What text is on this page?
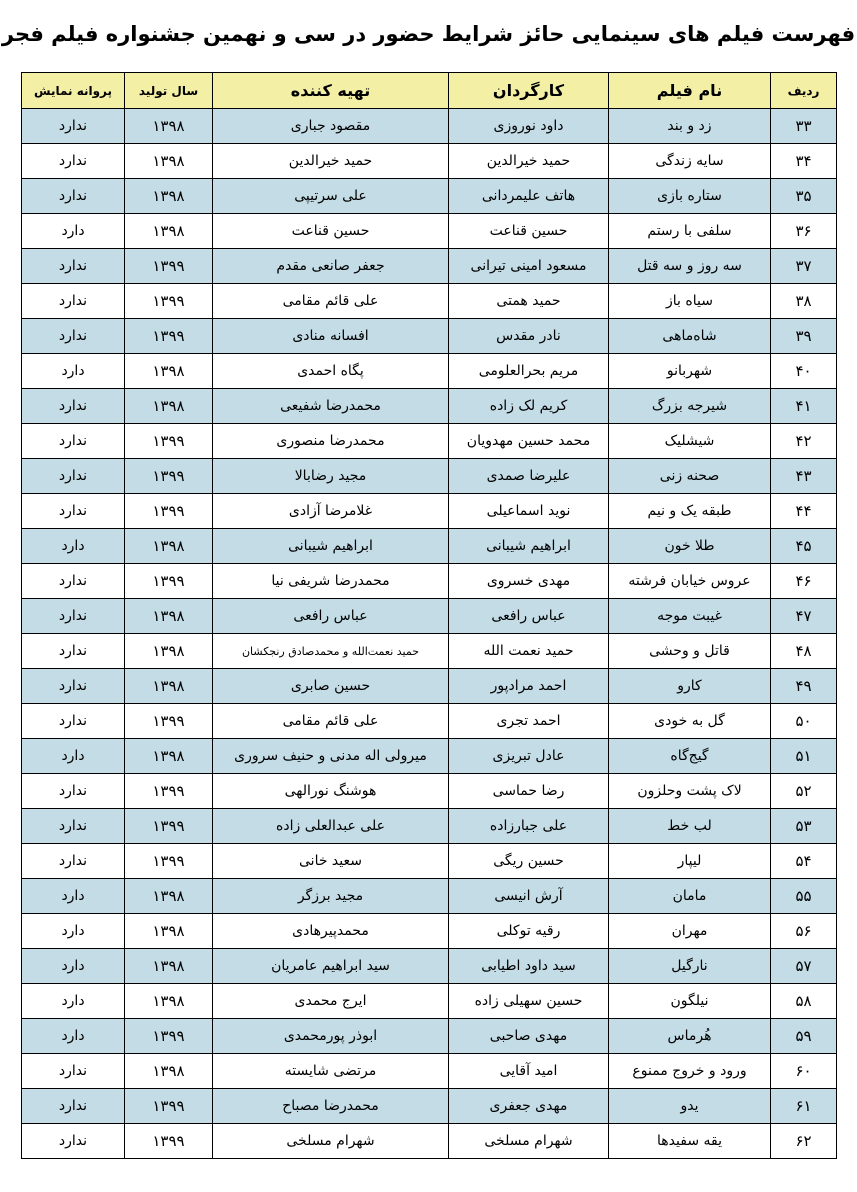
فهرست فیلم های سینمایی حائز شرایط حضور در سی و نهمین جشنواره فیلم فجر
ردیف	نام فیلم	کارگردان	تهیه کننده	سال تولید	پروانه نمایش
۳۳	زد و بند	داود نوروزی	مقصود جباری	۱۳۹۸	ندارد
۳۴	سایه زندگی	حمید خیرالدین	حمید خیرالدین	۱۳۹۸	ندارد
۳۵	ستاره بازی	هاتف علیمردانی	علی سرتیپی	۱۳۹۸	ندارد
۳۶	سلفی با رستم	حسین قناعت	حسین قناعت	۱۳۹۸	دارد
۳۷	سه روز و سه قتل	مسعود امینی تیرانی	جعفر صانعی مقدم	۱۳۹۹	ندارد
۳۸	سیاه باز	حمید همتی	علی قائم مقامی	۱۳۹۹	ندارد
۳۹	شاه‌ماهی	نادر مقدس	افسانه منادی	۱۳۹۹	ندارد
۴۰	شهربانو	مریم بحرالعلومی	پگاه احمدی	۱۳۹۸	دارد
۴۱	شیرجه بزرگ	کریم لک زاده	محمدرضا شفیعی	۱۳۹۸	ندارد
۴۲	شیشلیک	محمد حسین مهدویان	محمدرضا منصوری	۱۳۹۹	ندارد
۴۳	صحنه زنی	علیرضا صمدی	مجید رضابالا	۱۳۹۹	ندارد
۴۴	طبقه یک و نیم	نوید اسماعیلی	غلامرضا آزادی	۱۳۹۹	ندارد
۴۵	طلا خون	ابراهیم شیبانی	ابراهیم شیبانی	۱۳۹۸	دارد
۴۶	عروس خیابان فرشته	مهدی خسروی	محمدرضا شریفی نیا	۱۳۹۹	ندارد
۴۷	غیبت موجه	عباس رافعی	عباس رافعی	۱۳۹۸	ندارد
۴۸	قاتل و وحشی	حمید نعمت الله	حمید نعمت‌الله و محمدصادق رنجکشان	۱۳۹۸	ندارد
۴۹	کارو	احمد مرادپور	حسین صابری	۱۳۹۸	ندارد
۵۰	گل به خودی	احمد تجری	علی قائم مقامی	۱۳۹۹	ندارد
۵۱	گیج‌گاه	عادل تبریزی	میرولی اله مدنی و حنیف سروری	۱۳۹۸	دارد
۵۲	لاک پشت وحلزون	رضا حماسی	هوشنگ نورالهی	۱۳۹۹	ندارد
۵۳	لب خط	علی جبارزاده	علی عبدالعلی زاده	۱۳۹۹	ندارد
۵۴	لیپار	حسین ریگی	سعید خانی	۱۳۹۹	ندارد
۵۵	مامان	آرش انیسی	مجید برزگر	۱۳۹۸	دارد
۵۶	مهران	رقیه توکلی	محمدپیرهادی	۱۳۹۸	دارد
۵۷	نارگیل	سید داود اطیابی	سید ابراهیم عامریان	۱۳۹۸	دارد
۵۸	نیلگون	حسین سهیلی زاده	ایرج محمدی	۱۳۹۸	دارد
۵۹	هُرماس	مهدی صاحبی	ابوذر پورمحمدی	۱۳۹۹	دارد
۶۰	ورود و خروج ممنوع	امید آقایی	مرتضی شایسته	۱۳۹۸	ندارد
۶۱	یدو	مهدی جعفری	محمدرضا مصباح	۱۳۹۹	ندارد
۶۲	یقه سفیدها	شهرام مسلخی	شهرام مسلخی	۱۳۹۹	ندارد
